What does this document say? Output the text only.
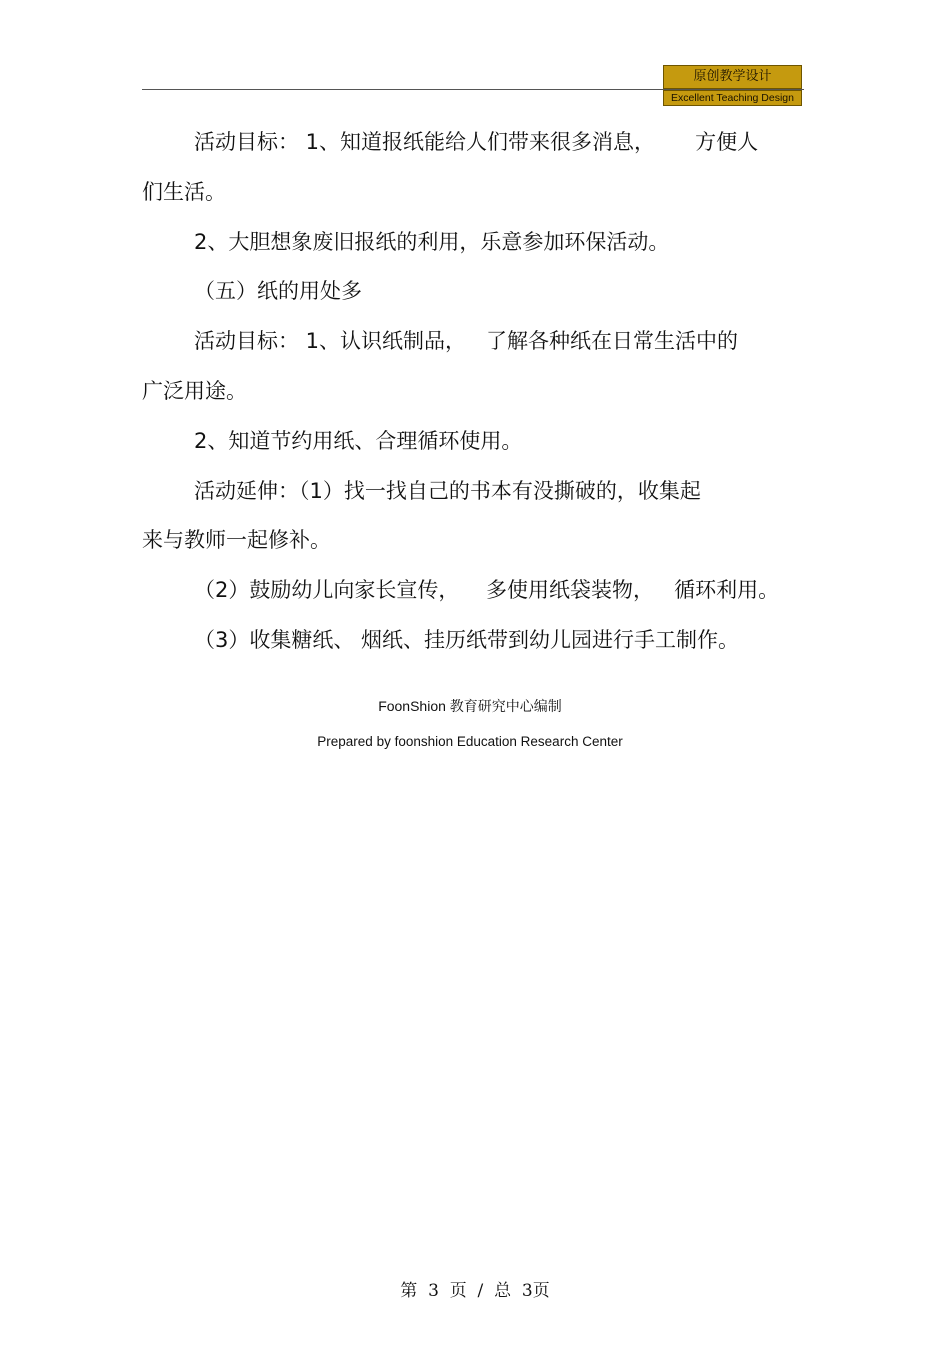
原创教学设计
Excellent Teaching Design
活动目标： 1、知道报纸能给人们带来很多消息，      方便人
们生活。
2、大胆想象废旧报纸的利用，乐意参加环保活动。
（五）纸的用处多
活动目标： 1、认识纸制品，   了解各种纸在日常生活中的
广泛用途。
2、知道节约用纸、合理循环使用。
活动延伸：（1）找一找自己的书本有没撕破的，收集起
来与教师一起修补。
（2）鼓励幼儿向家长宣传，    多使用纸袋装物，   循环利用。
（3）收集糖纸、 烟纸、挂历纸带到幼儿园进行手工制作。
FoonShion 教育研究中心编制
Prepared by foonshion Education Research Center
第  3  页  /  总  3页
